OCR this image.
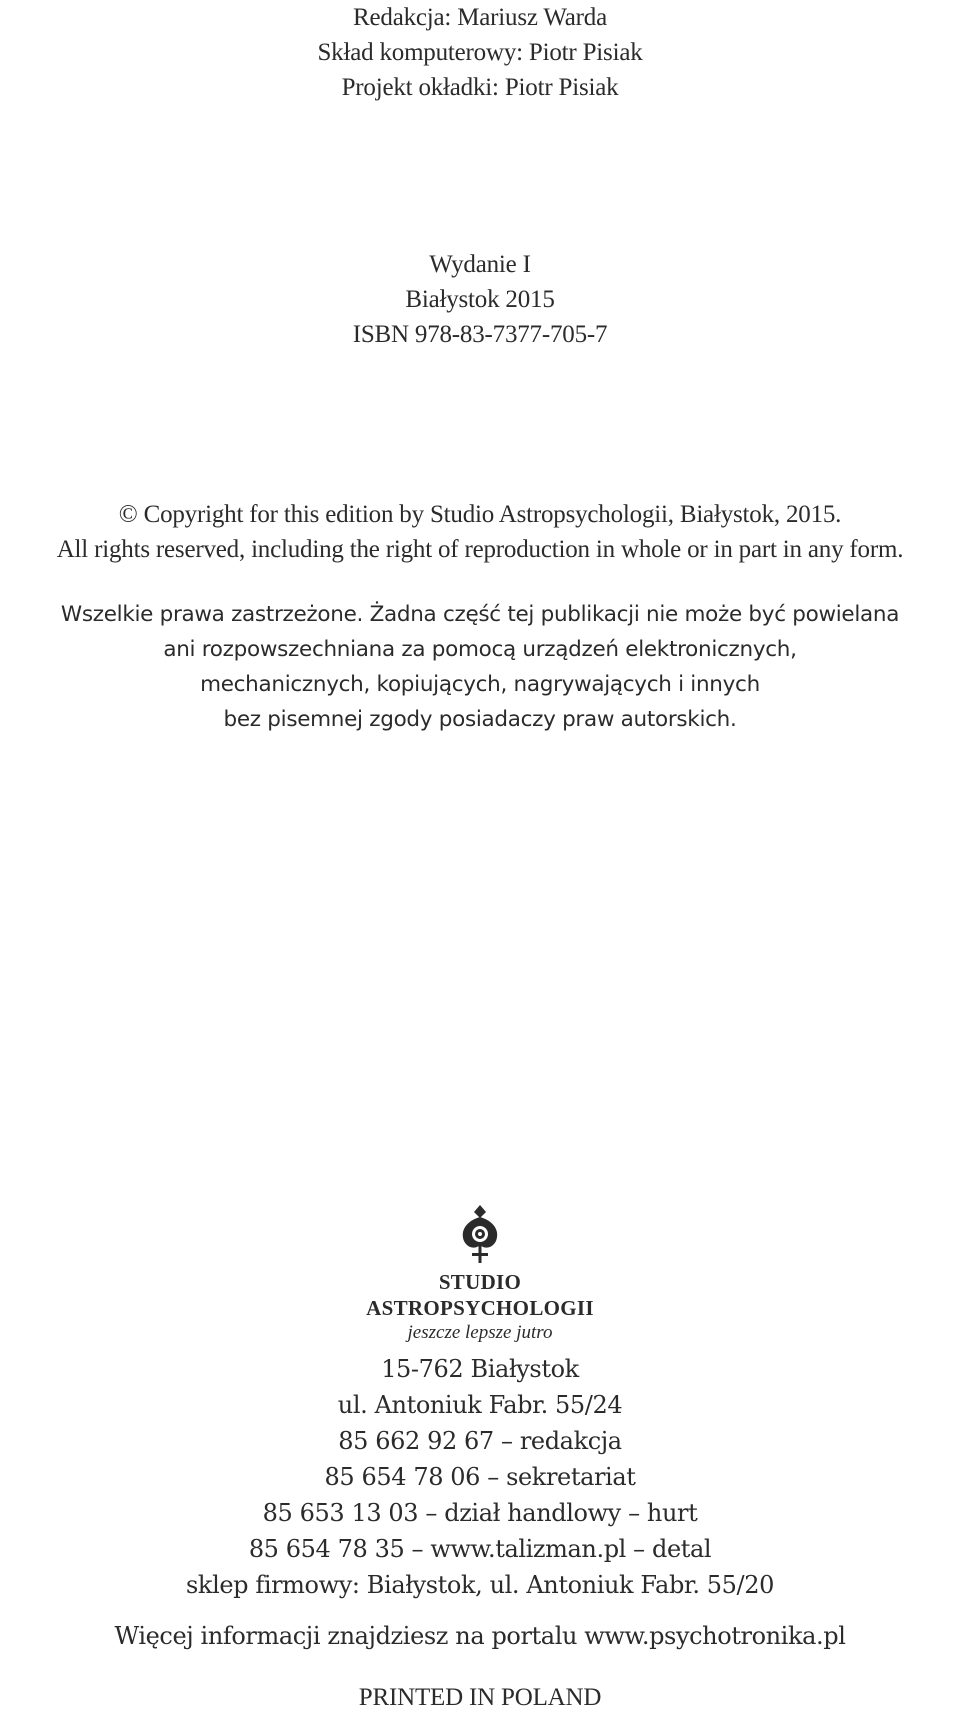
Redakcja: Mariusz Warda
Skład komputerowy: Piotr Pisiak
Projekt okładki: Piotr Pisiak
Wydanie I
Białystok 2015
ISBN 978-83-7377-705-7
© Copyright for this edition by Studio Astropsychologii, Białystok, 2015.
All rights reserved, including the right of reproduction in whole or in part in any form.
Wszelkie prawa zastrzeżone. Żadna część tej publikacji nie może być powielana
ani rozpowszechniana za pomocą urządzeń elektronicznych,
mechanicznych, kopiujących, nagrywających i innych
bez pisemnej zgody posiadaczy praw autorskich.
STUDIO
ASTROPSYCHOLOGII
jeszcze lepsze jutro
15-762 Białystok
ul. Antoniuk Fabr. 55/24
85 662 92 67 – redakcja
85 654 78 06 – sekretariat
85 653 13 03 – dział handlowy – hurt
85 654 78 35 – www.talizman.pl – detal
sklep firmowy: Białystok, ul. Antoniuk Fabr. 55/20
Więcej informacji znajdziesz na portalu www.psychotronika.pl
PRINTED IN POLAND
